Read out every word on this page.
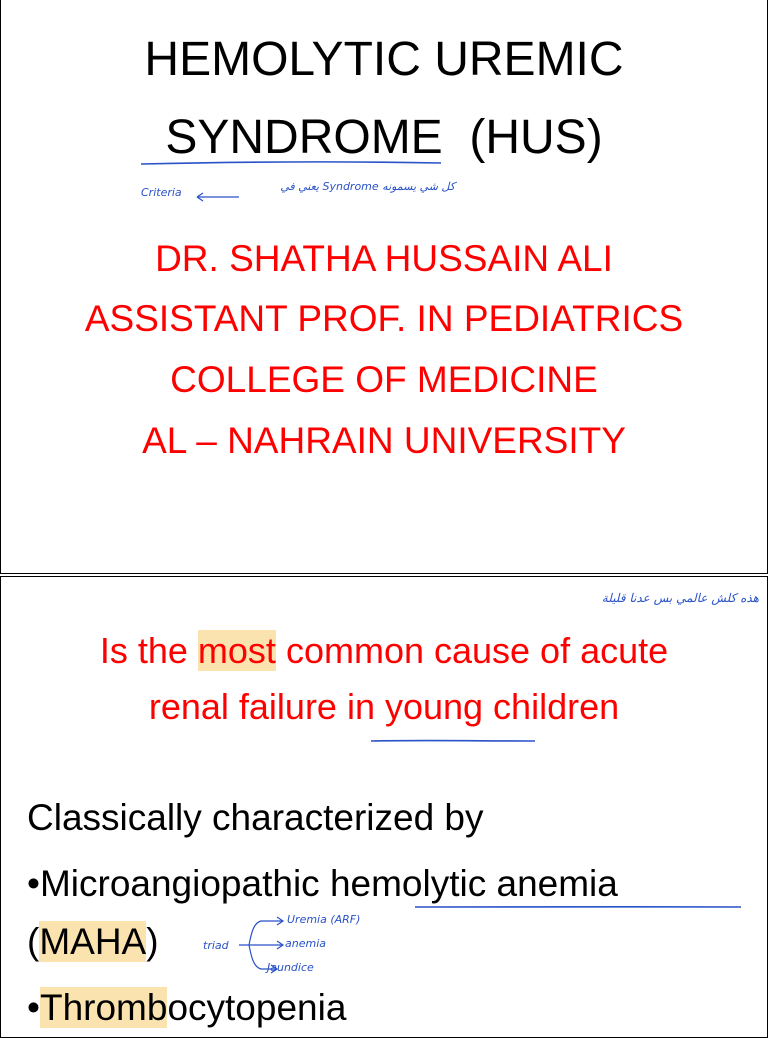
HEMOLYTIC UREMIC
SYNDROME (HUS)
Criteria	كل شي يسمونه Syndrome يعني في
DR. SHATHA HUSSAIN ALI
ASSISTANT PROF. IN PEDIATRICS
COLLEGE OF MEDICINE
AL – NAHRAIN UNIVERSITY
هذه كلش عالمي بس عدنا قليلة
Is the most common cause of acute
renal failure in young children
Classically characterized by
•Microangiopathic hemolytic anemia
(MAHA)	triad
Uremia (ARF)
anemia
Jaundice
•Thrombocytopenia
